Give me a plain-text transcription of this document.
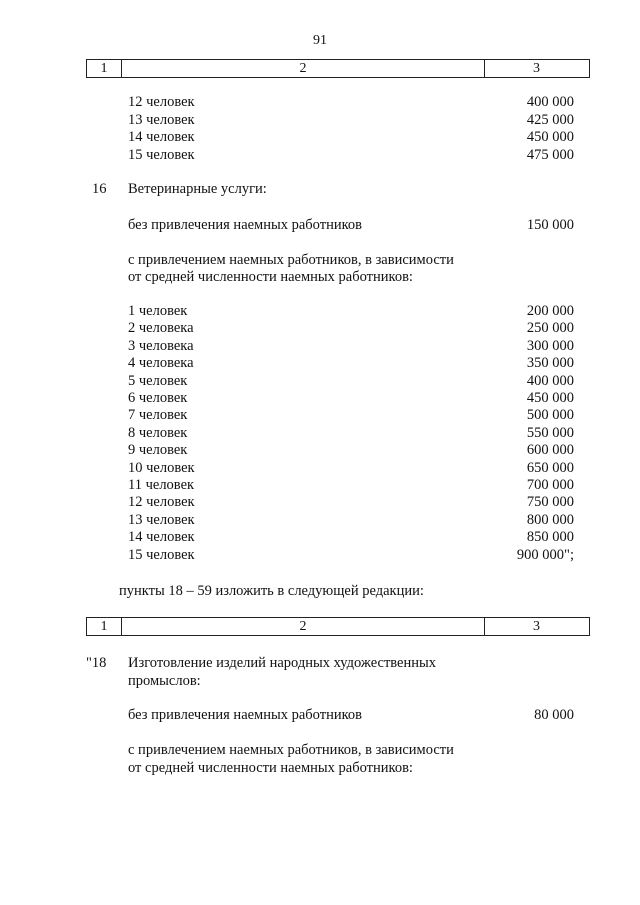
91
1	2	3
12 человек	400 000
13 человек	425 000
14 человек	450 000
15 человек	475 000
16 Ветеринарные услуги:
без привлечения наемных работников	150 000
с привлечением наемных работников, в зависимости
от средней численности наемных работников:
1 человек	200 000
2 человека	250 000
3 человека	300 000
4 человека	350 000
5 человек	400 000
6 человек	450 000
7 человек	500 000
8 человек	550 000
9 человек	600 000
10 человек	650 000
11 человек	700 000
12 человек	750 000
13 человек	800 000
14 человек	850 000
15 человек	900 000";
пункты 18 – 59 изложить в следующей редакции:
1	2	3
"18 Изготовление изделий народных художественных
промыслов:
без привлечения наемных работников	80 000
с привлечением наемных работников, в зависимости
от средней численности наемных работников:
